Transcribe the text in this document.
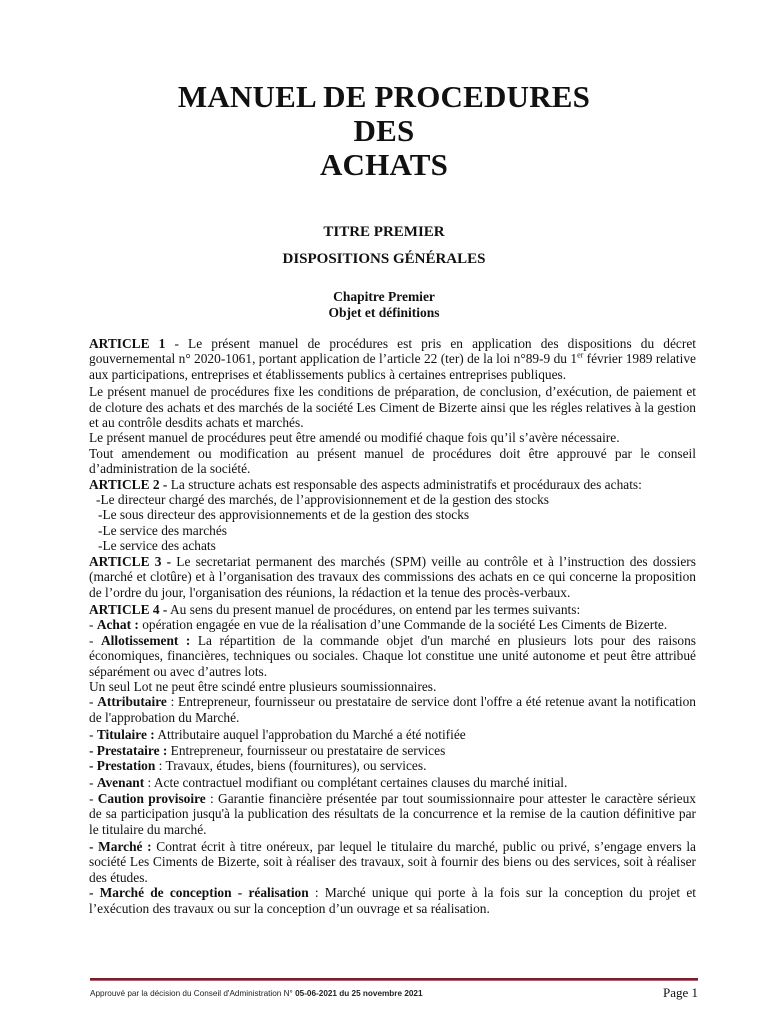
MANUEL DE PROCEDURES
DES
ACHATS
TITRE PREMIER
DISPOSITIONS GÉNÉRALES
Chapitre Premier
Objet et définitions

ARTICLE 1 - Le présent manuel de procédures est pris en application des dispositions du décret gouvernemental n° 2020-1061, portant application de l’article 22 (ter) de la loi n°89-9 du 1er février 1989 relative aux participations, entreprises et établissements publics à certaines entreprises publiques.

Le présent manuel de procédures fixe les conditions de préparation, de conclusion, d’exécution, de paiement et de cloture des achats et des marchés de la société Les Ciment de Bizerte ainsi que les régles relatives à la gestion et au contrôle desdits achats et marchés.

Le présent manuel de procédures peut être amendé ou modifié chaque fois qu’il s’avère nécessaire.

Tout amendement ou modification au présent manuel de procédures doit être approuvé par le conseil d’administration de la société.

ARTICLE 2 - La structure achats est responsable des aspects administratifs et procéduraux des achats:

-Le directeur chargé des marchés, de l’approvisionnement et de la gestion des stocks

-Le sous directeur des approvisionnements et de la gestion des stocks

-Le service des marchés

-Le service des achats

ARTICLE 3 - Le secretariat permanent des marchés (SPM) veille au contrôle et à l’instruction des dossiers (marché et clotûre) et à l’organisation des travaux des commissions des achats en ce qui concerne la proposition de l’ordre du jour, l'organisation des réunions, la rédaction et la tenue des procès-verbaux.

ARTICLE 4 - Au sens du present manuel de procédures, on entend par les termes suivants:

- Achat : opération engagée en vue de la réalisation d’une Commande de la société Les Ciments de Bizerte.

- Allotissement : La répartition de la commande objet d'un marché en plusieurs lots pour des raisons économiques, financières, techniques ou sociales. Chaque lot constitue une unité autonome et peut être attribué séparément ou avec d’autres lots.

Un seul Lot ne peut être scindé entre plusieurs soumissionnaires.

- Attributaire : Entrepreneur, fournisseur ou prestataire de service dont l'offre a été retenue avant la notification de l'approbation du Marché.

- Titulaire : Attributaire auquel l'approbation du Marché a été notifiée

- Prestataire : Entrepreneur, fournisseur ou prestataire de services

- Prestation : Travaux, études, biens (fournitures), ou services.

- Avenant : Acte contractuel modifiant ou complétant certaines clauses du marché initial.

- Caution provisoire : Garantie financière présentée par tout soumissionnaire pour attester le caractère sérieux de sa participation jusqu'à la publication des résultats de la concurrence et la remise de la caution définitive par le titulaire du marché.

- Marché : Contrat écrit à titre onéreux, par lequel le titulaire du marché, public ou privé, s’engage envers la société Les Ciments de Bizerte, soit à réaliser des travaux, soit à fournir des biens ou des services, soit à réaliser des études.

- Marché de conception - réalisation : Marché unique qui porte à la fois sur la conception du projet et l’exécution des travaux ou sur la conception d’un ouvrage et sa réalisation.

Approuvé par la décision du Conseil d'Administration N° 05-06-2021 du 25 novembre 2021	Page 1
